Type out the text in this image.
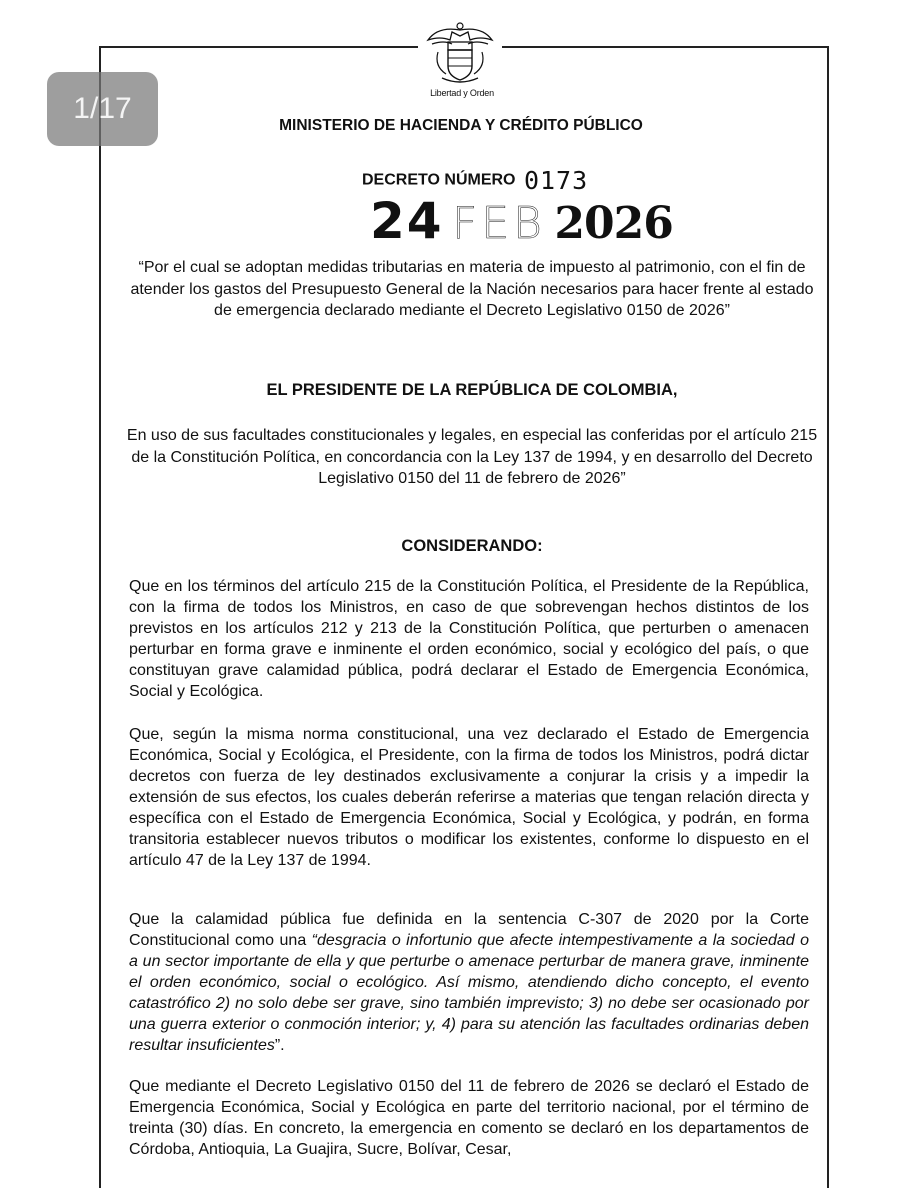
Libertad y Orden
1/17
MINISTERIO DE HACIENDA Y CRÉDITO PÚBLICO
DECRETO NÚMERO 0173
24 FEB 2026
“Por el cual se adoptan medidas tributarias en materia de impuesto al patrimonio, con el fin de atender los gastos del Presupuesto General de la Nación necesarios para hacer frente al estado de emergencia declarado mediante el Decreto Legislativo 0150 de 2026”
EL PRESIDENTE DE LA REPÚBLICA DE COLOMBIA,
En uso de sus facultades constitucionales y legales, en especial las conferidas por el artículo 215 de la Constitución Política, en concordancia con la Ley 137 de 1994, y en desarrollo del Decreto Legislativo 0150 del 11 de febrero de 2026”
CONSIDERANDO:
Que en los términos del artículo 215 de la Constitución Política, el Presidente de la República, con la firma de todos los Ministros, en caso de que sobrevengan hechos distintos de los previstos en los artículos 212 y 213 de la Constitución Política, que perturben o amenacen perturbar en forma grave e inminente el orden económico, social y ecológico del país, o que constituyan grave calamidad pública, podrá declarar el Estado de Emergencia Económica, Social y Ecológica.
Que, según la misma norma constitucional, una vez declarado el Estado de Emergencia Económica, Social y Ecológica, el Presidente, con la firma de todos los Ministros, podrá dictar decretos con fuerza de ley destinados exclusivamente a conjurar la crisis y a impedir la extensión de sus efectos, los cuales deberán referirse a materias que tengan relación directa y específica con el Estado de Emergencia Económica, Social y Ecológica, y podrán, en forma transitoria establecer nuevos tributos o modificar los existentes, conforme lo dispuesto en el artículo 47 de la Ley 137 de 1994.
Que la calamidad pública fue definida en la sentencia C-307 de 2020 por la Corte Constitucional como una “desgracia o infortunio que afecte intempestivamente a la sociedad o a un sector importante de ella y que perturbe o amenace perturbar de manera grave, inminente el orden económico, social o ecológico. Así mismo, atendiendo dicho concepto, el evento catastrófico 2) no solo debe ser grave, sino también imprevisto; 3) no debe ser ocasionado por una guerra exterior o conmoción interior; y, 4) para su atención las facultades ordinarias deben resultar insuficientes”.
Que mediante el Decreto Legislativo 0150 del 11 de febrero de 2026 se declaró el Estado de Emergencia Económica, Social y Ecológica en parte del territorio nacional, por el término de treinta (30) días. En concreto, la emergencia en comento se declaró en los departamentos de Córdoba, Antioquia, La Guajira, Sucre, Bolívar, Cesar,
